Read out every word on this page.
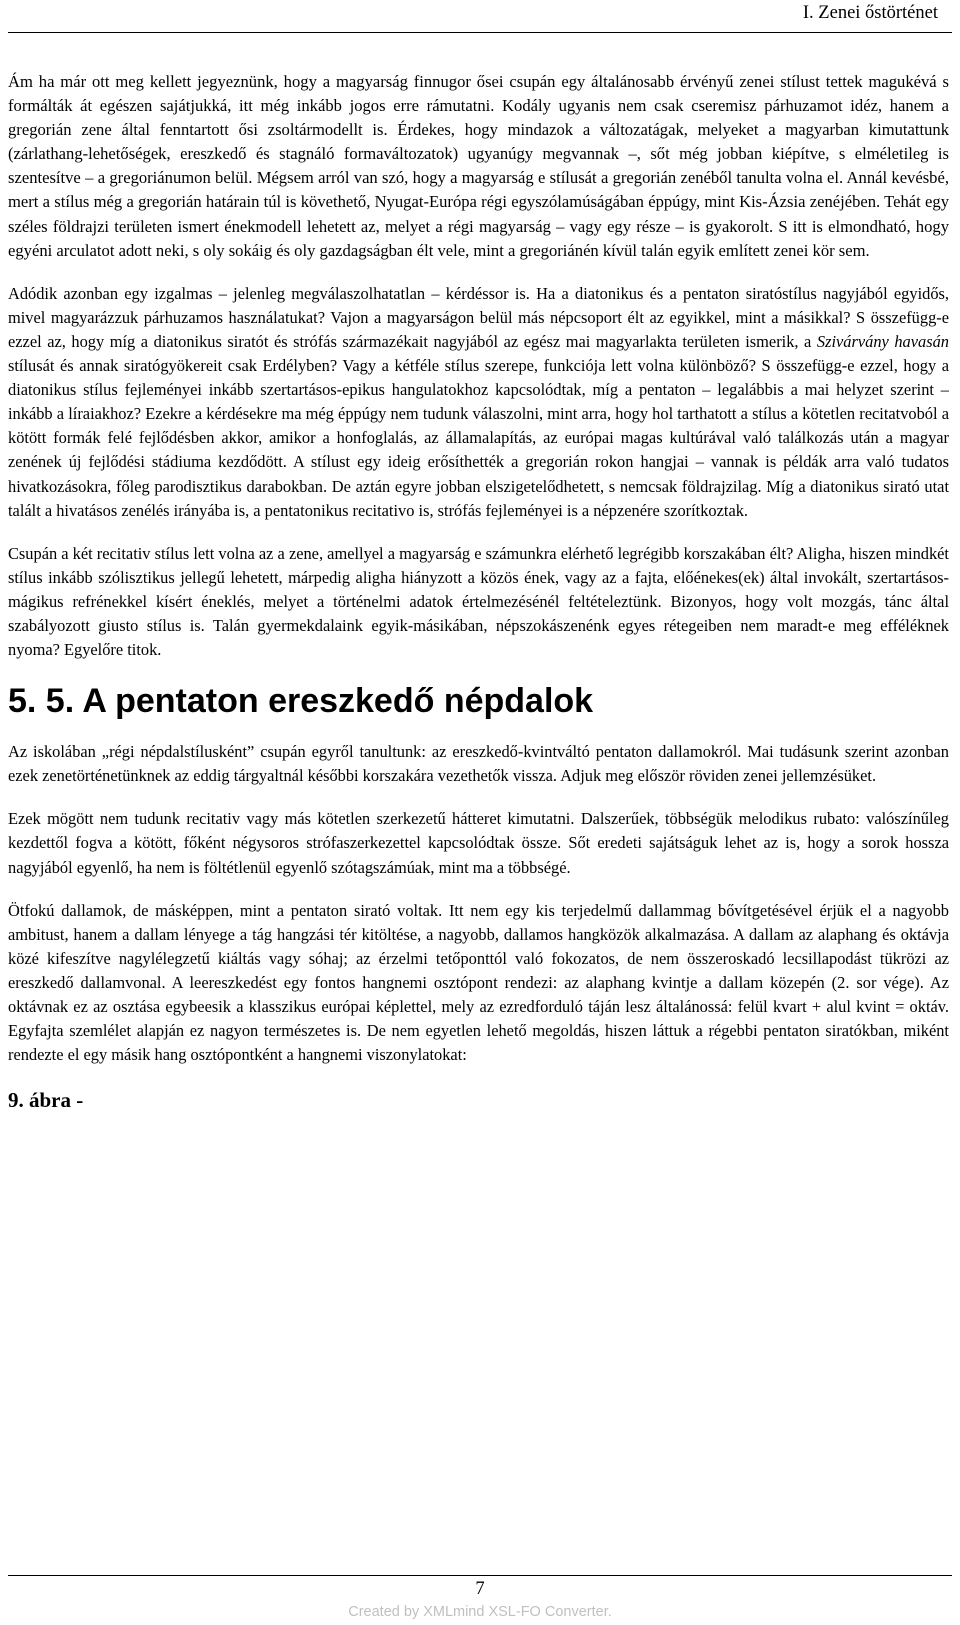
I. Zenei őstörténet

Ám ha már ott meg kellett jegyeznünk, hogy a magyarság finnugor ősei csupán egy általánosabb érvényű zenei stílust tettek magukévá s formálták át egészen sajátjukká, itt még inkább jogos erre rámutatni. Kodály ugyanis nem csak cseremisz párhuzamot idéz, hanem a gregorián zene által fenntartott ősi zsoltármodellt is. Érdekes, hogy mindazok a változatágak, melyeket a magyarban kimutattunk (zárlathang-lehetőségek, ereszkedő és stagnáló formaváltozatok) ugyanúgy megvannak –, sőt még jobban kiépítve, s elméletileg is szentesítve – a gregoriánumon belül. Mégsem arról van szó, hogy a magyarság e stílusát a gregorián zenéből tanulta volna el. Annál kevésbé, mert a stílus még a gregorián határain túl is követhető, Nyugat-Európa régi egyszólamúságában éppúgy, mint Kis-Ázsia zenéjében. Tehát egy széles földrajzi területen ismert énekmodell lehetett az, melyet a régi magyarság – vagy egy része – is gyakorolt. S itt is elmondható, hogy egyéni arculatot adott neki, s oly sokáig és oly gazdagságban élt vele, mint a gregoriánén kívül talán egyik említett zenei kör sem.

Adódik azonban egy izgalmas – jelenleg megválaszolhatatlan – kérdéssor is. Ha a diatonikus és a pentaton siratóstílus nagyjából egyidős, mivel magyarázzuk párhuzamos használatukat? Vajon a magyarságon belül más népcsoport élt az egyikkel, mint a másikkal? S összefügg-e ezzel az, hogy míg a diatonikus siratót és strófás származékait nagyjából az egész mai magyarlakta területen ismerik, a Szivárvány havasán stílusát és annak siratógyökereit csak Erdélyben? Vagy a kétféle stílus szerepe, funkciója lett volna különböző? S összefügg-e ezzel, hogy a diatonikus stílus fejleményei inkább szertartásos-epikus hangulatokhoz kapcsolódtak, míg a pentaton – legalábbis a mai helyzet szerint – inkább a líraiakhoz? Ezekre a kérdésekre ma még éppúgy nem tudunk válaszolni, mint arra, hogy hol tarthatott a stílus a kötetlen recitatvoból a kötött formák felé fejlődésben akkor, amikor a honfoglalás, az államalapítás, az európai magas kultúrával való találkozás után a magyar zenének új fejlődési stádiuma kezdődött. A stílust egy ideig erősíthették a gregorián rokon hangjai – vannak is példák arra való tudatos hivatkozásokra, főleg parodisztikus darabokban. De aztán egyre jobban elszigetelődhetett, s nemcsak földrajzilag. Míg a diatonikus sirató utat talált a hivatásos zenélés irányába is, a pentatonikus recitativo is, strófás fejleményei is a népzenére szorítkoztak.

Csupán a két recitativ stílus lett volna az a zene, amellyel a magyarság e számunkra elérhető legrégibb korszakában élt? Aligha, hiszen mindkét stílus inkább szólisztikus jellegű lehetett, márpedig aligha hiányzott a közös ének, vagy az a fajta, előénekes(ek) által invokált, szertartásos-mágikus refrénekkel kísért éneklés, melyet a történelmi adatok értelmezésénél feltételeztünk. Bizonyos, hogy volt mozgás, tánc által szabályozott giusto stílus is. Talán gyermekdalaink egyik-másikában, népszokászenénk egyes rétegeiben nem maradt-e meg efféléknek nyoma? Egyelőre titok.

5. 5. A pentaton ereszkedő népdalok

Az iskolában „régi népdalstílusként” csupán egyről tanultunk: az ereszkedő-kvintváltó pentaton dallamokról. Mai tudásunk szerint azonban ezek zenetörténetünknek az eddig tárgyaltnál későbbi korszakára vezethetők vissza. Adjuk meg először röviden zenei jellemzésüket.

Ezek mögött nem tudunk recitativ vagy más kötetlen szerkezetű hátteret kimutatni. Dalszerűek, többségük melodikus rubato: valószínűleg kezdettől fogva a kötött, főként négysoros strófaszerkezettel kapcsolódtak össze. Sőt eredeti sajátságuk lehet az is, hogy a sorok hossza nagyjából egyenlő, ha nem is föltétlenül egyenlő szótagszámúak, mint ma a többségé.

Ötfokú dallamok, de másképpen, mint a pentaton sirató voltak. Itt nem egy kis terjedelmű dallammag bővítgetésével érjük el a nagyobb ambitust, hanem a dallam lényege a tág hangzási tér kitöltése, a nagyobb, dallamos hangközök alkalmazása. A dallam az alaphang és oktávja közé kifeszítve nagylélegzetű kiáltás vagy sóhaj; az érzelmi tetőponttól való fokozatos, de nem összeroskadó lecsillapodást tükrözi az ereszkedő dallamvonal. A leereszkedést egy fontos hangnemi osztópont rendezi: az alaphang kvintje a dallam közepén (2. sor vége). Az oktávnak ez az osztása egybeesik a klasszikus európai képlettel, mely az ezredforduló táján lesz általánossá: felül kvart + alul kvint = oktáv. Egyfajta szemlélet alapján ez nagyon természetes is. De nem egyetlen lehető megoldás, hiszen láttuk a régebbi pentaton siratókban, miként rendezte el egy másik hang osztópontként a hangnemi viszonylatokat:

9. ábra -
7
Created by XMLmind XSL-FO Converter.
